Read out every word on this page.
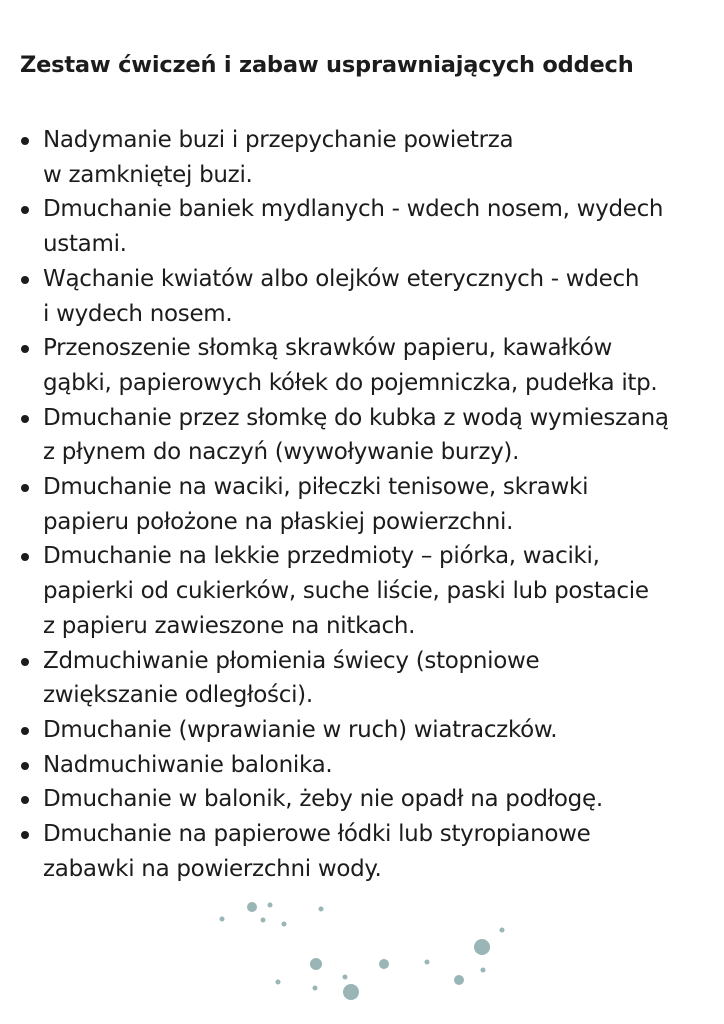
Zestaw ćwiczeń i zabaw usprawniających oddech
Nadymanie buzi i przepychanie powietrza
w zamkniętej buzi.
Dmuchanie baniek mydlanych - wdech nosem, wydech
ustami.
Wąchanie kwiatów albo olejków eterycznych - wdech
i wydech nosem.
Przenoszenie słomką skrawków papieru, kawałków
gąbki, papierowych kółek do pojemniczka, pudełka itp.
Dmuchanie przez słomkę do kubka z wodą wymieszaną
z płynem do naczyń (wywoływanie burzy).
Dmuchanie na waciki, piłeczki tenisowe, skrawki
papieru położone na płaskiej powierzchni.
Dmuchanie na lekkie przedmioty – piórka, waciki,
papierki od cukierków, suche liście, paski lub postacie
z papieru zawieszone na nitkach.
Zdmuchiwanie płomienia świecy (stopniowe
zwiększanie odległości).
Dmuchanie (wprawianie w ruch) wiatraczków.
Nadmuchiwanie balonika.
Dmuchanie w balonik, żeby nie opadł na podłogę.
Dmuchanie na papierowe łódki lub styropianowe
zabawki na powierzchni wody.
